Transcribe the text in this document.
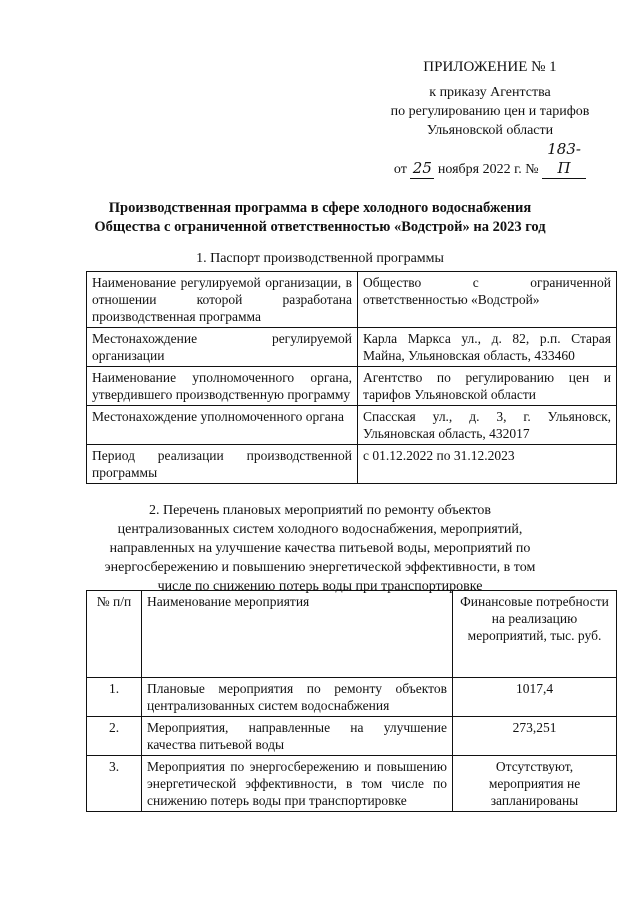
ПРИЛОЖЕНИЕ № 1
к приказу Агентства
по регулированию цен и тарифов
Ульяновской области
от 25 ноября 2022 г. № 183-П
Производственная программа в сфере холодного водоснабжения
Общества с ограниченной ответственностью «Водстрой» на 2023 год
1. Паспорт производственной программы
Наименование регулируемой организации, в отношении которой разработана производственная программа	Общество с ограниченной ответственностью «Водстрой»
Местонахождение регулируемой организации	Карла Маркса ул., д. 82, р.п. Старая Майна, Ульяновская область, 433460
Наименование уполномоченного органа, утвердившего производственную программу	Агентство по регулированию цен и тарифов Ульяновской области
Местонахождение уполномоченного органа	Спасская ул., д. 3, г. Ульяновск, Ульяновская область, 432017
Период реализации производственной программы	с 01.12.2022 по 31.12.2023
2. Перечень плановых мероприятий по ремонту объектов централизованных систем холодного водоснабжения, мероприятий, направленных на улучшение качества питьевой воды, мероприятий по энергосбережению и повышению энергетической эффективности, в том числе по снижению потерь воды при транспортировке
№ п/п	Наименование мероприятия	Финансовые потребности на реализацию мероприятий, тыс. руб.
1.	Плановые мероприятия по ремонту объектов централизованных систем водоснабжения	1017,4
2.	Мероприятия, направленные на улучшение качества питьевой воды	273,251
3.	Мероприятия по энергосбережению и повышению энергетической эффективности, в том числе по снижению потерь воды при транспортировке	Отсутствуют, мероприятия не запланированы
